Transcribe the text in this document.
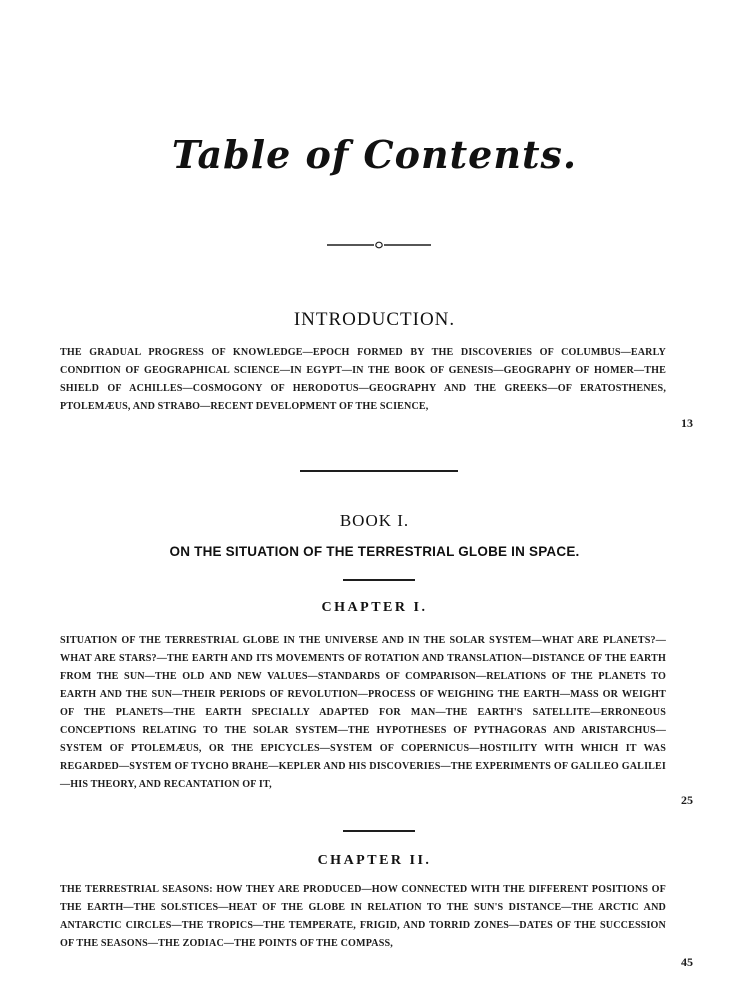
Table of Contents.
INTRODUCTION.

THE GRADUAL PROGRESS OF KNOWLEDGE—EPOCH FORMED BY THE DISCOVERIES OF COLUMBUS—EARLY CONDITION OF GEOGRAPHICAL SCIENCE—IN EGYPT—IN THE BOOK OF GENESIS—GEOGRAPHY OF HOMER—THE SHIELD OF ACHILLES—COSMOGONY OF HERODOTUS—GEOGRAPHY AND THE GREEKS—OF ERATOSTHENES, PTOLEMÆUS, AND STRABO—RECENT DEVELOPMENT OF THE SCIENCE,

13
BOOK I.
ON THE SITUATION OF THE TERRESTRIAL GLOBE IN SPACE.
CHAPTER I.

SITUATION OF THE TERRESTRIAL GLOBE IN THE UNIVERSE AND IN THE SOLAR SYSTEM—WHAT ARE PLANETS?—WHAT ARE STARS?—THE EARTH AND ITS MOVEMENTS OF ROTATION AND TRANSLATION—DISTANCE OF THE EARTH FROM THE SUN—THE OLD AND NEW VALUES—STANDARDS OF COMPARISON—RELATIONS OF THE PLANETS TO EARTH AND THE SUN—THEIR PERIODS OF REVOLUTION—PROCESS OF WEIGHING THE EARTH—MASS OR WEIGHT OF THE PLANETS—THE EARTH SPECIALLY ADAPTED FOR MAN—THE EARTH'S SATELLITE—ERRONEOUS CONCEPTIONS RELATING TO THE SOLAR SYSTEM—THE HYPOTHESES OF PYTHAGORAS AND ARISTARCHUS—SYSTEM OF PTOLEMÆUS, OR THE EPICYCLES—SYSTEM OF COPERNICUS—HOSTILITY WITH WHICH IT WAS REGARDED—SYSTEM OF TYCHO BRAHE—KEPLER AND HIS DISCOVERIES—THE EXPERIMENTS OF GALILEO GALILEI—HIS THEORY, AND RECANTATION OF IT,

25
CHAPTER II.

THE TERRESTRIAL SEASONS: HOW THEY ARE PRODUCED—HOW CONNECTED WITH THE DIFFERENT POSITIONS OF THE EARTH—THE SOLSTICES—HEAT OF THE GLOBE IN RELATION TO THE SUN'S DISTANCE—THE ARCTIC AND ANTARCTIC CIRCLES—THE TROPICS—THE TEMPERATE, FRIGID, AND TORRID ZONES—DATES OF THE SUCCESSION OF THE SEASONS—THE ZODIAC—THE POINTS OF THE COMPASS,

45
